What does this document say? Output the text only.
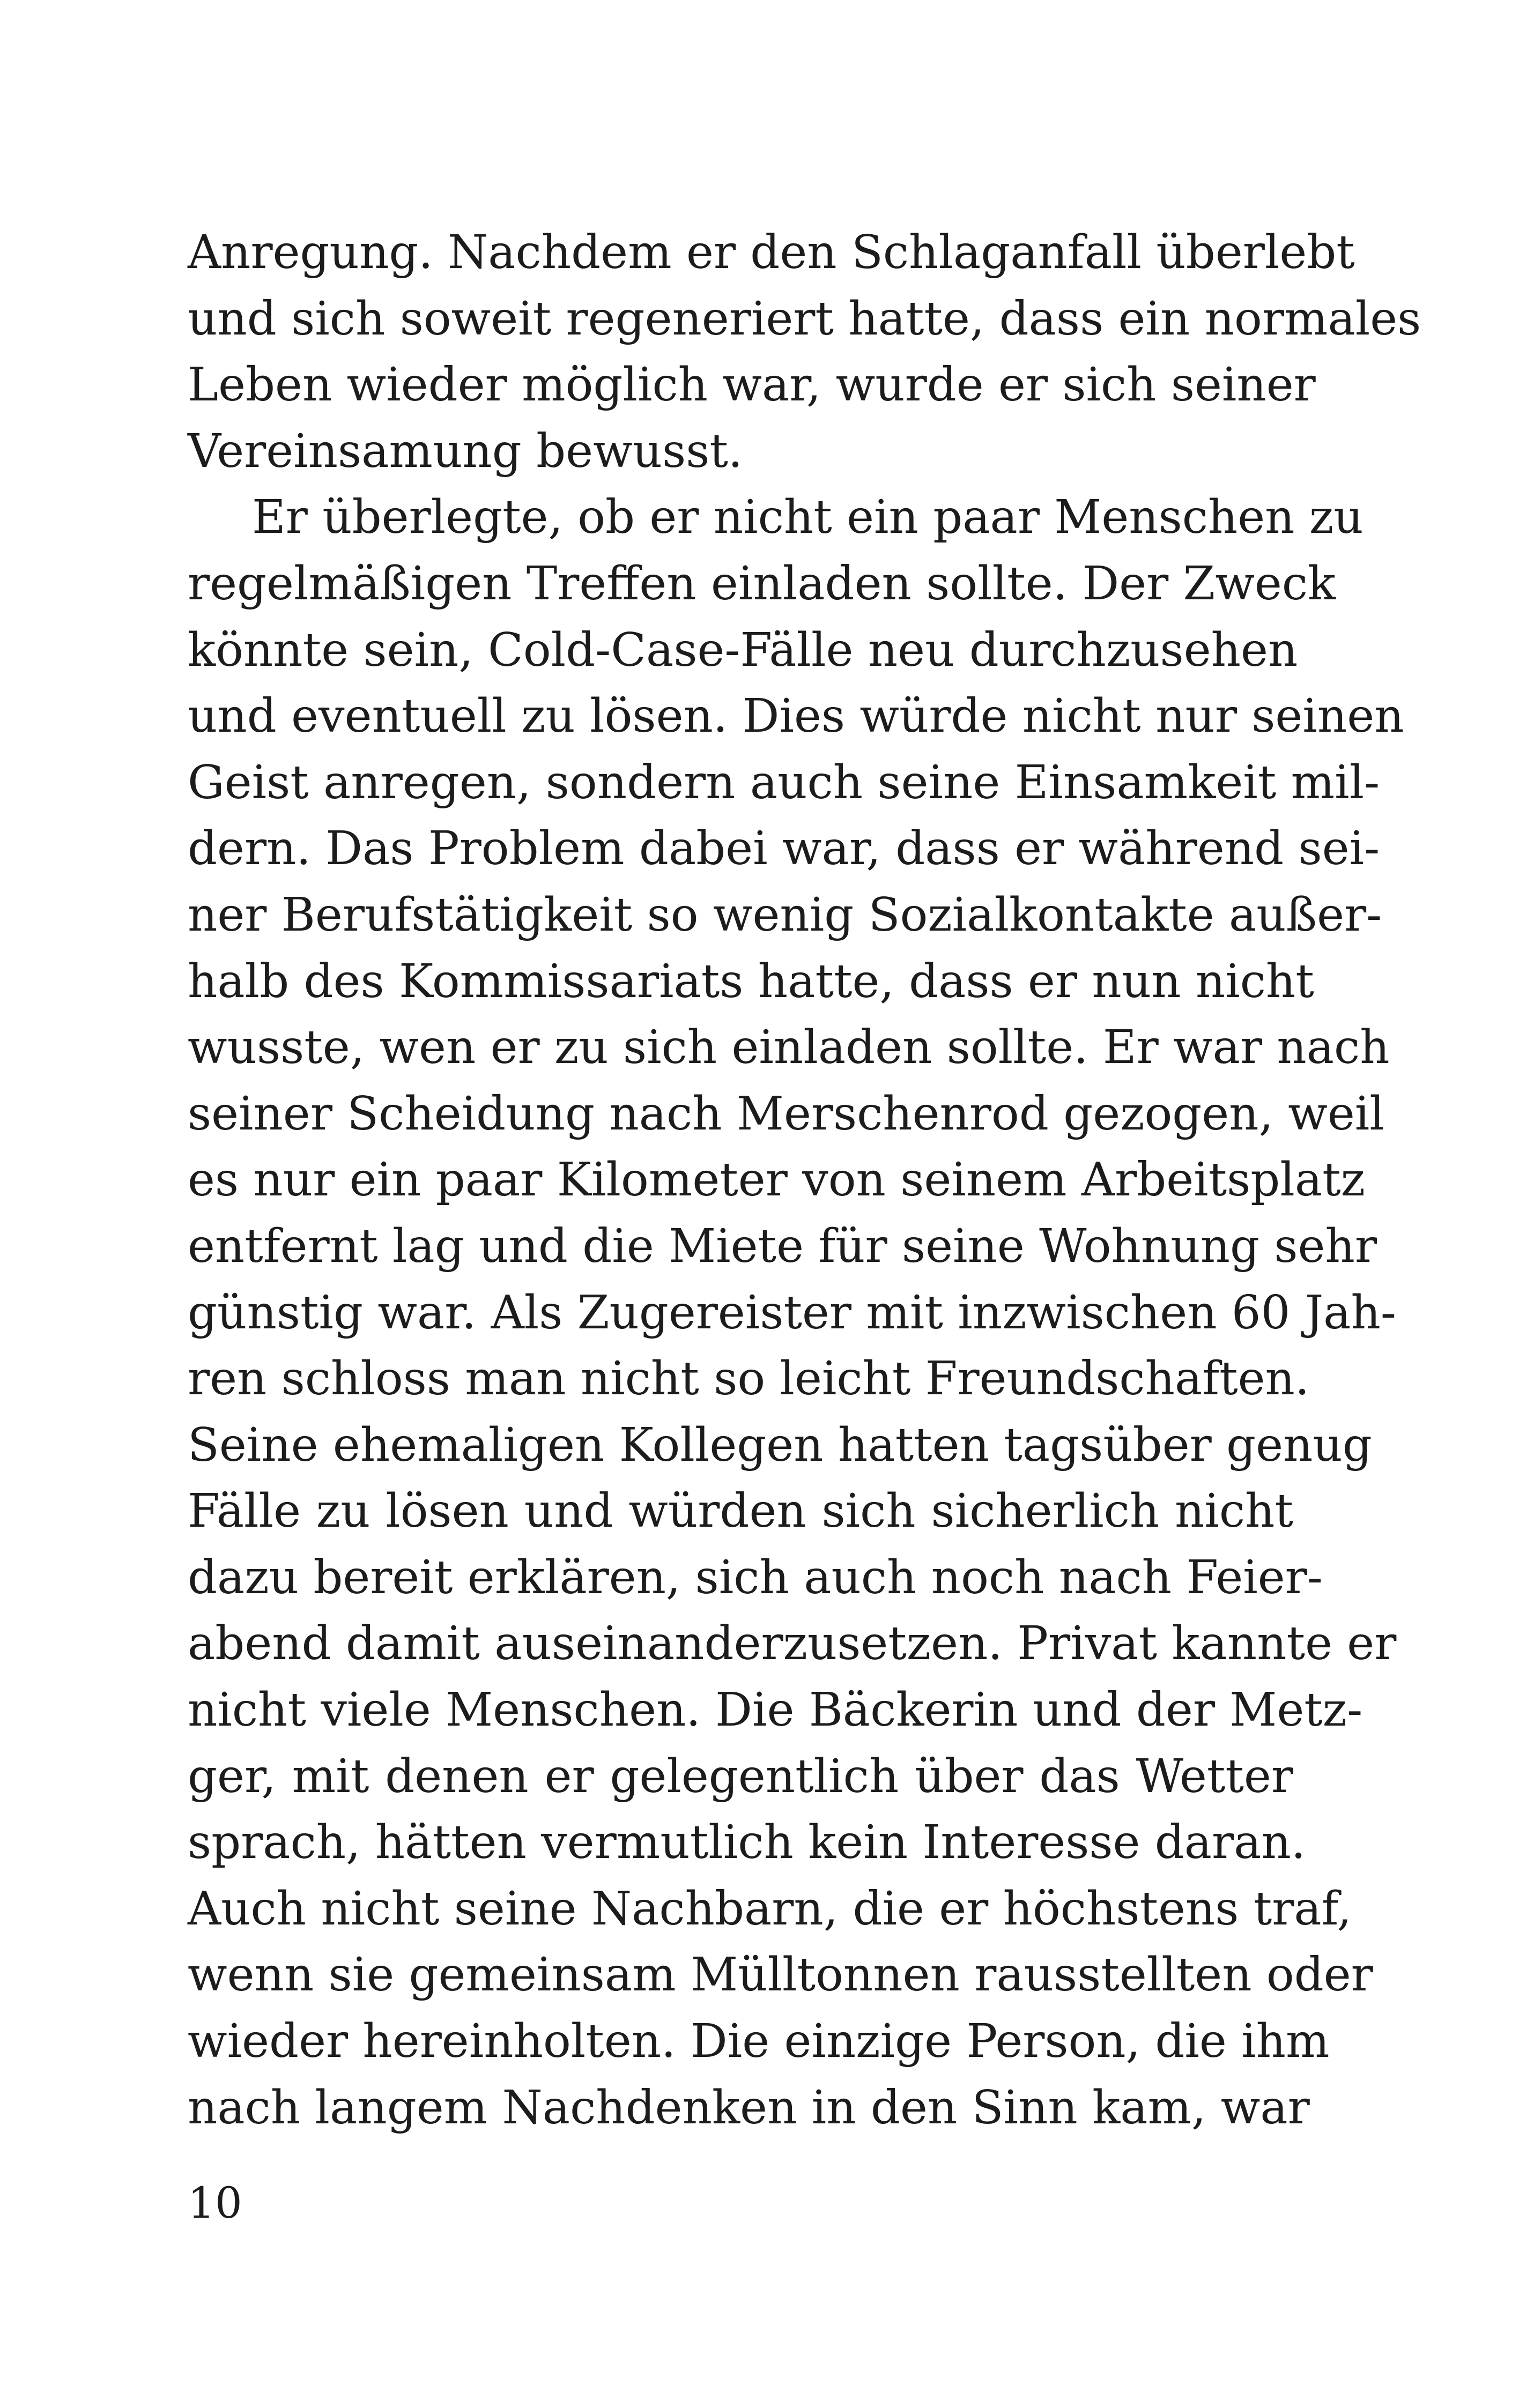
Anregung. Nachdem er den Schlaganfall überlebt
und sich soweit regeneriert hatte, dass ein normales
Leben wieder möglich war, wurde er sich seiner
Vereinsamung bewusst.
Er überlegte, ob er nicht ein paar Menschen zu
regelmäßigen Treffen einladen sollte. Der Zweck
könnte sein, Cold-Case-Fälle neu durchzusehen
und eventuell zu lösen. Dies würde nicht nur seinen
Geist anregen, sondern auch seine Einsamkeit mil-
dern. Das Problem dabei war, dass er während sei-
ner Berufstätigkeit so wenig Sozialkontakte außer-
halb des Kommissariats hatte, dass er nun nicht
wusste, wen er zu sich einladen sollte. Er war nach
seiner Scheidung nach Merschenrod gezogen, weil
es nur ein paar Kilometer von seinem Arbeitsplatz
entfernt lag und die Miete für seine Wohnung sehr
günstig war. Als Zugereister mit inzwischen 60 Jah-
ren schloss man nicht so leicht Freundschaften.
Seine ehemaligen Kollegen hatten tagsüber genug
Fälle zu lösen und würden sich sicherlich nicht
dazu bereit erklären, sich auch noch nach Feier-
abend damit auseinanderzusetzen. Privat kannte er
nicht viele Menschen. Die Bäckerin und der Metz-
ger, mit denen er gelegentlich über das Wetter
sprach, hätten vermutlich kein Interesse daran.
Auch nicht seine Nachbarn, die er höchstens traf,
wenn sie gemeinsam Mülltonnen rausstellten oder
wieder hereinholten. Die einzige Person, die ihm
nach langem Nachdenken in den Sinn kam, war
10
